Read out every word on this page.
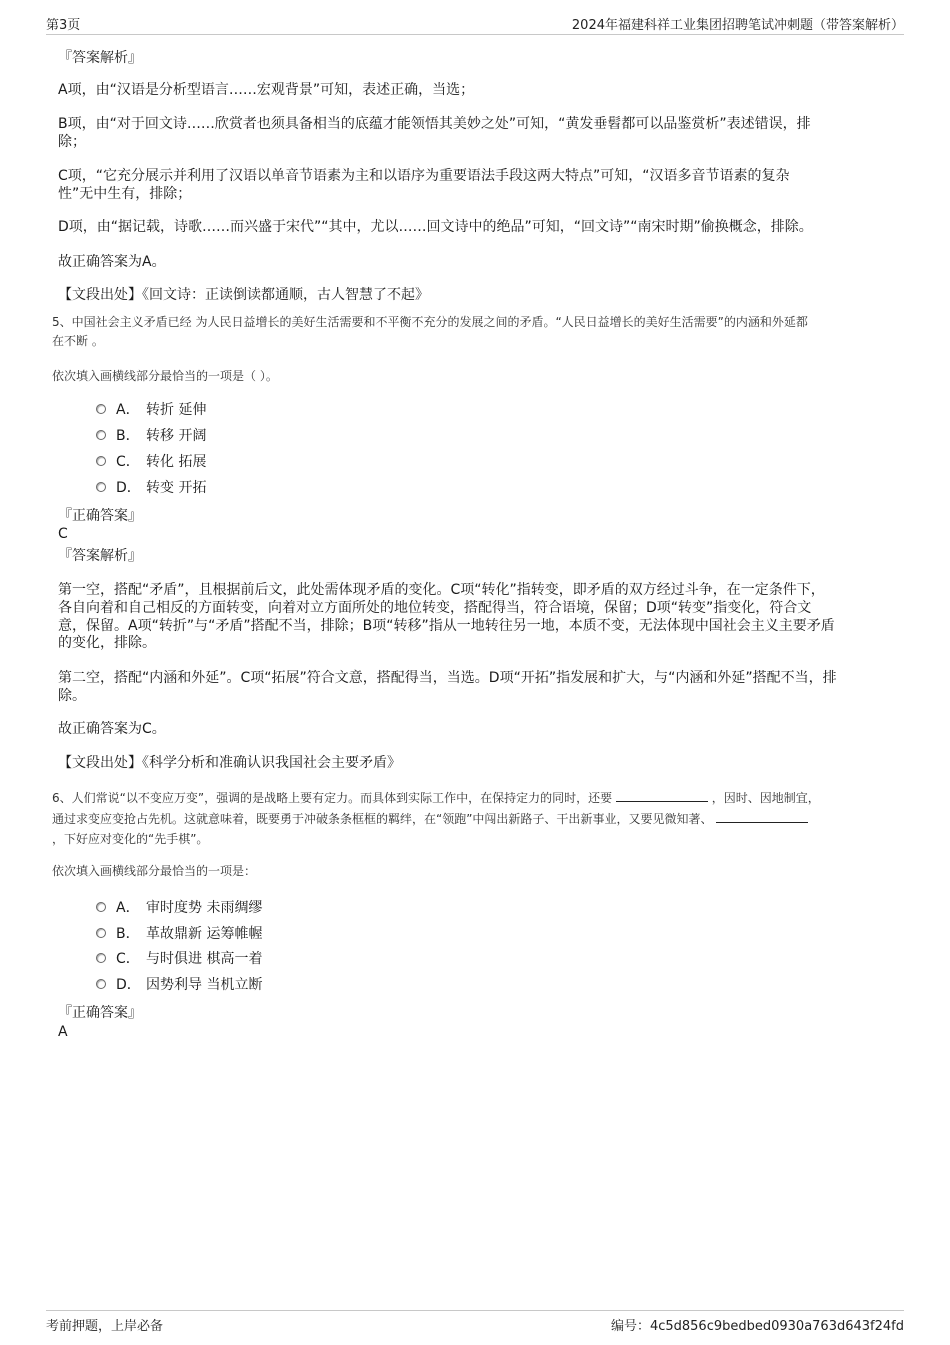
第3页	2024年福建科祥工业集团招聘笔试冲刺题（带答案解析）
『答案解析』
A项，由“汉语是分析型语言……宏观背景”可知，表述正确，当选；
B项，由“对于回文诗……欣赏者也须具备相当的底蕴才能领悟其美妙之处”可知，“黄发垂髫都可以品鉴赏析”表述错误，排
除；
C项，“它充分展示并利用了汉语以单音节语素为主和以语序为重要语法手段这两大特点”可知，“汉语多音节语素的复杂
性”无中生有，排除；
D项，由“据记载，诗歌……而兴盛于宋代”“其中，尤以……回文诗中的绝品”可知，“回文诗”“南宋时期”偷换概念，排除。
故正确答案为A。
【文段出处】《回文诗：正读倒读都通顺，古人智慧了不起》
5、中国社会主义矛盾已经 为人民日益增长的美好生活需要和不平衡不充分的发展之间的矛盾。“人民日益增长的美好生活需要”的内涵和外延都
在不断 。
依次填入画横线部分最恰当的一项是（ ）。
A． 转折 延伸
B． 转移 开阔
C． 转化 拓展
D． 转变 开拓
『正确答案』
C
『答案解析』
第一空，搭配“矛盾”，且根据前后文，此处需体现矛盾的变化。C项“转化”指转变，即矛盾的双方经过斗争，在一定条件下，
各自向着和自己相反的方面转变，向着对立方面所处的地位转变，搭配得当，符合语境，保留；D项“转变”指变化，符合文
意，保留。A项“转折”与“矛盾”搭配不当，排除；B项“转移”指从一地转往另一地，本质不变，无法体现中国社会主义主要矛盾
的变化，排除。
第二空，搭配“内涵和外延”。C项“拓展”符合文意，搭配得当，当选。D项“开拓”指发展和扩大，与“内涵和外延”搭配不当，排
除。
故正确答案为C。
【文段出处】《科学分析和准确认识我国社会主要矛盾》
6、人们常说“以不变应万变”，强调的是战略上要有定力。而具体到实际工作中，在保持定力的同时，还要	，因时、因地制宜，
通过求变应变抢占先机。这就意味着，既要勇于冲破条条框框的羁绊，在“领跑”中闯出新路子、干出新事业，又要见微知著、
，下好应对变化的“先手棋”。
依次填入画横线部分最恰当的一项是：
A． 审时度势 未雨绸缪
B． 革故鼎新 运筹帷幄
C． 与时俱进 棋高一着
D． 因势利导 当机立断
『正确答案』
A
考前押题，上岸必备	编号：4c5d856c9bedbed0930a763d643f24fd
